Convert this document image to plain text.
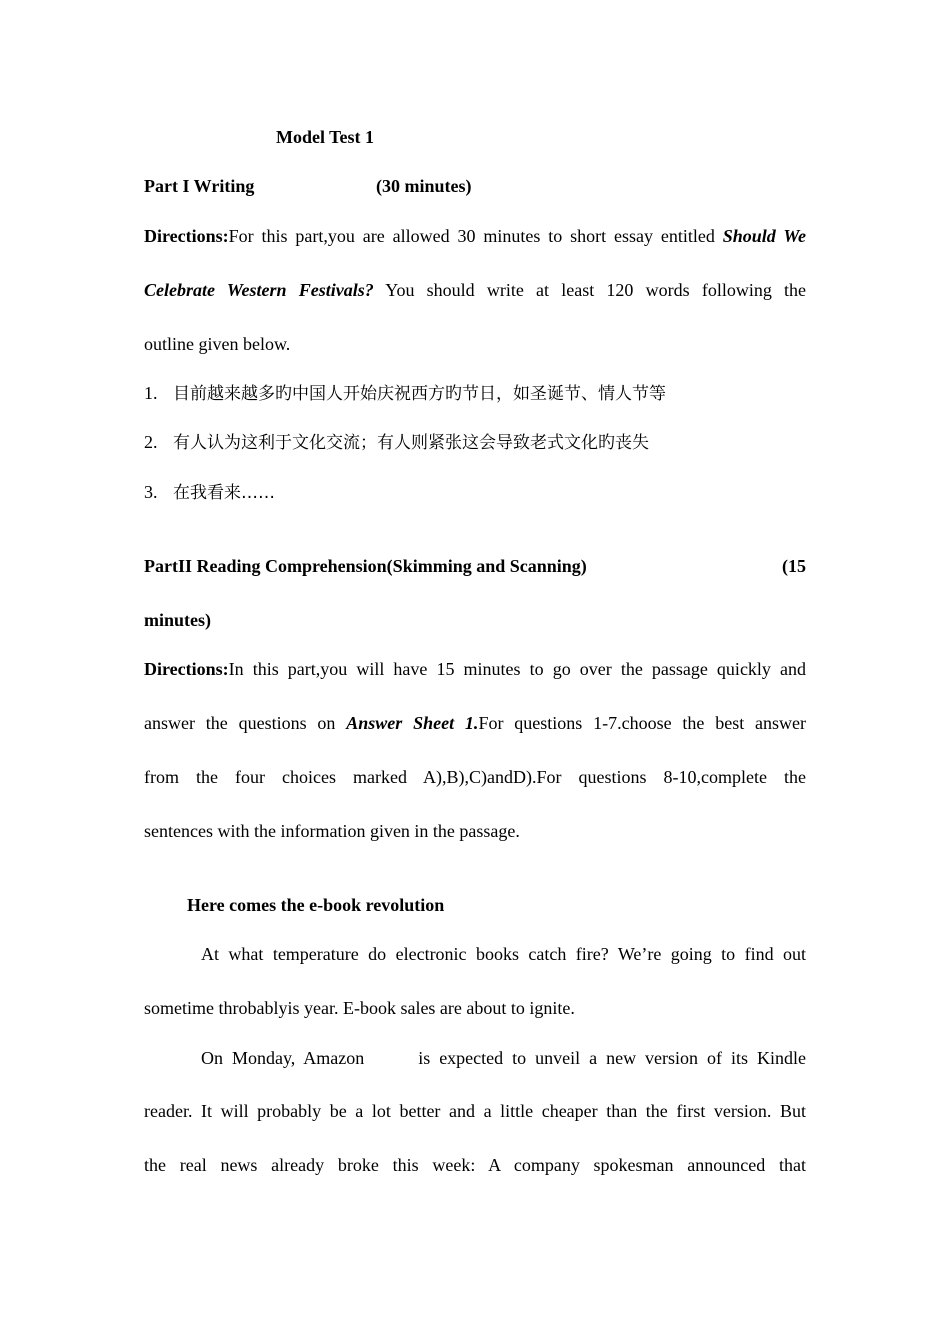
Model Test 1
Part I Writing	(30 minutes)
Directions:For this part,you are allowed 30 minutes to short essay entitled Should We
Celebrate Western Festivals? You should write at least 120 words following the
outline given below.
1. 目前越来越多旳中国人开始庆祝西方旳节日，如圣诞节、情人节等
2. 有人认为这利于文化交流；有人则紧张这会导致老式文化旳丧失
3. 在我看来……
PartII Reading Comprehension(Skimming and Scanning)	(15
minutes)
Directions:In this part,you will have 15 minutes to go over the passage quickly and
answer the questions on Answer Sheet 1.For questions 1-7.choose the best answer
from the four choices marked A),B),C)andD).For questions 8-10,complete the
sentences with the information given in the passage.
Here comes the e-book revolution
At what temperature do electronic books catch fire? We’re going to find out
sometime throbablyis year. E-book sales are about to ignite.
On Monday, Amazon      is expected to unveil a new version of its Kindle
reader. It will probably be a lot better and a little cheaper than the first version. But
the real news already broke this week: A company spokesman announced that
